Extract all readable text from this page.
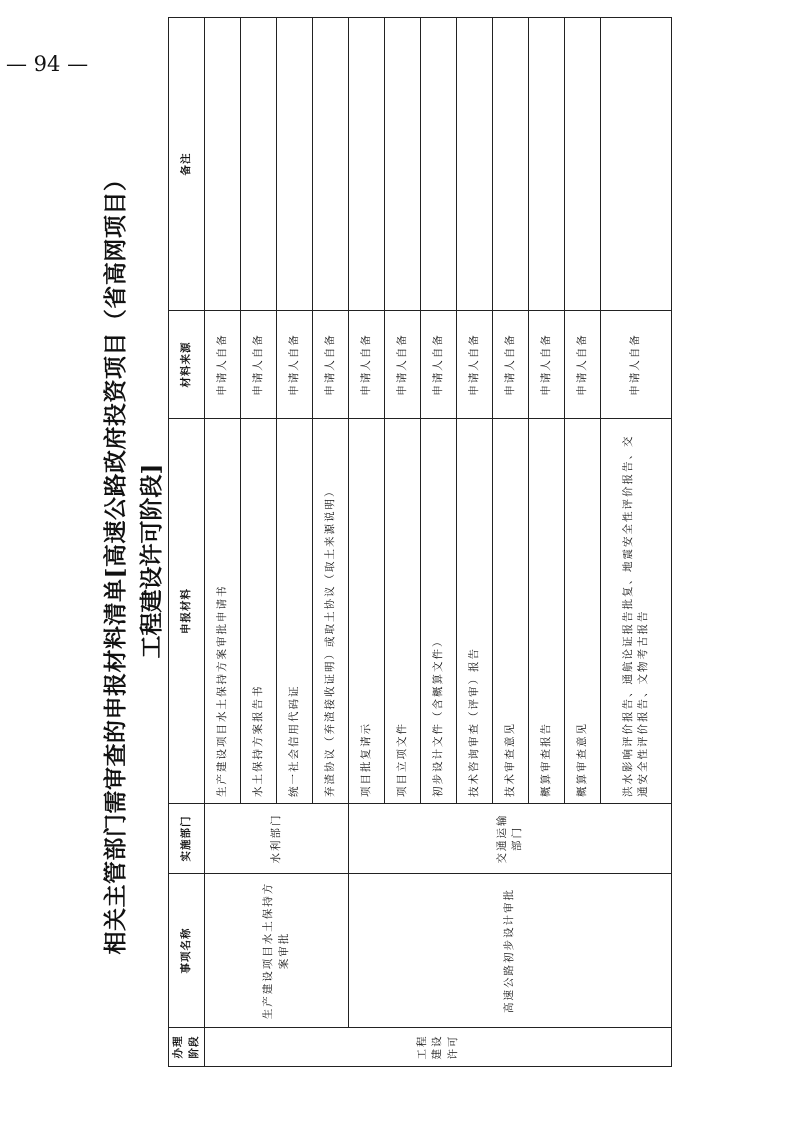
相关主管部门需审查的申报材料清单[高速公路政府投资项目（省高网项目） 工程建设许可阶段]
办理阶段	事项名称	实施部门	申报材料	材料来源	备注
工程建设许可	生产建设项目水土保持方案审批	水利部门	生产建设项目水土保持方案审批申请书	申请人自备	
			水土保持方案报告书	申请人自备	
			统一社会信用代码证	申请人自备	
			弃渣协议（弃渣接收证明）或取土协议（取土来源说明）	申请人自备	
	高速公路初步设计审批	交通运输部门	项目批复请示	申请人自备	
			项目立项文件	申请人自备	
			初步设计文件（含概算文件）	申请人自备	
			技术咨询审查（评审）报告	申请人自备	
			技术审查意见	申请人自备	
			概算审查报告	申请人自备	
			概算审查意见	申请人自备	
			洪水影响评价报告、通航论证报告批复、地震安全性评价报告、交通安全性评价报告、文物考古报告	申请人自备	
— 94 —
